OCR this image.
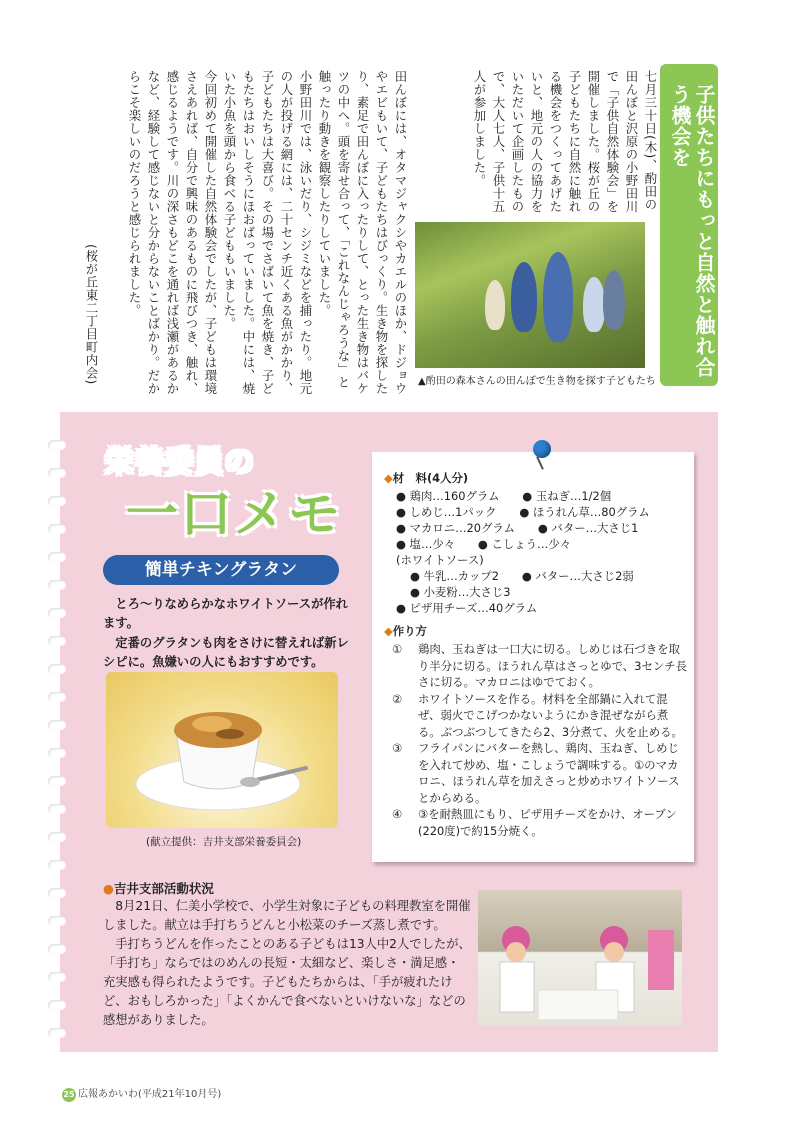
子供たちにもっと自然と触れ合う機会を

七月三十日(木)、酌田の田んぼと沢原の小野田川で「子供自然体験会」を開催しました。桜が丘の子どもたちに自然に触れる機会をつくってあげたいと、地元の人の協力をいただいて企画したもので、大人七人、子供十五人が参加しました。

田んぼには、オタマジャクシやカエルのほか、ドジョウやエビもいて、子どもたちはびっくり。生き物を探したり、素足で田んぼに入ったりして、とった生き物はバケツの中へ。頭を寄せ合って、「これなんじゃろうな」と触ったり動きを観察したりしていました。

小野田川では、泳いだり、シジミなどを捕ったり。地元の人が投げる網には、二十センチ近くある魚がかかり、子どもたちは大喜び。その場でさばいて魚を焼き、子どもたちはおいしそうにほおばっていました。中には、焼いた小魚を頭から食べる子どももいました。

今回初めて開催した自然体験会でしたが、子どもは環境さえあれば、自分で興味のあるものに飛びつき、触れ、感じるようです。川の深さもどこを通れば浅瀬があるかなど、経験して感じないと分からないことばかり。だからこそ楽しいのだろうと感じられました。

(桜が丘東二丁目町内会)	▲酌田の森本さんの田んぼで生き物を探す子どもたち
栄養委員の
一口メモ
簡単チキングラタン

とろ～りなめらかなホワイトソースが作れます。

定番のグラタンも肉をさけに替えれば新レシピに。魚嫌いの人にもおすすめです。

(献立提供：吉井支部栄養委員会)
◆材　料(4人分)
● 鶏肉…160グラム　　● 玉ねぎ…1/2個
● しめじ…1パック　　● ほうれん草…80グラム
● マカロニ…20グラム　　● バター…大さじ1
● 塩…少々　　● こしょう…少々
(ホワイトソース)
● 牛乳…カップ2　　● バター…大さじ2弱
● 小麦粉…大さじ3
● ピザ用チーズ…40グラム
◆作り方
①	鶏肉、玉ねぎは一口大に切る。しめじは石づきを取り半分に切る。ほうれん草はさっとゆで、3センチ長さに切る。マカロニはゆでておく。
②	ホワイトソースを作る。材料を全部鍋に入れて混ぜ、弱火でこげつかないようにかき混ぜながら煮る。ぶつぶつしてきたら2、3分煮て、火を止める。
③	フライパンにバターを熱し、鶏肉、玉ねぎ、しめじを入れて炒め、塩・こしょうで調味する。①のマカロニ、ほうれん草を加えさっと炒めホワイトソースとからめる。
④	③を耐熱皿にもり、ピザ用チーズをかけ、オーブン(220度)で約15分焼く。
●吉井支部活動状況

8月21日、仁美小学校で、小学生対象に子どもの料理教室を開催しました。献立は手打ちうどんと小松菜のチーズ蒸し煮です。

手打ちうどんを作ったことのある子どもは13人中2人でしたが、「手打ち」ならではのめんの長短・太細など、楽しさ・満足感・充実感も得られたようです。子どもたちからは、「手が疲れたけど、おもしろかった」「よくかんで食べないといけないな」などの感想がありました。

25 広報あかいわ(平成21年10月号)
